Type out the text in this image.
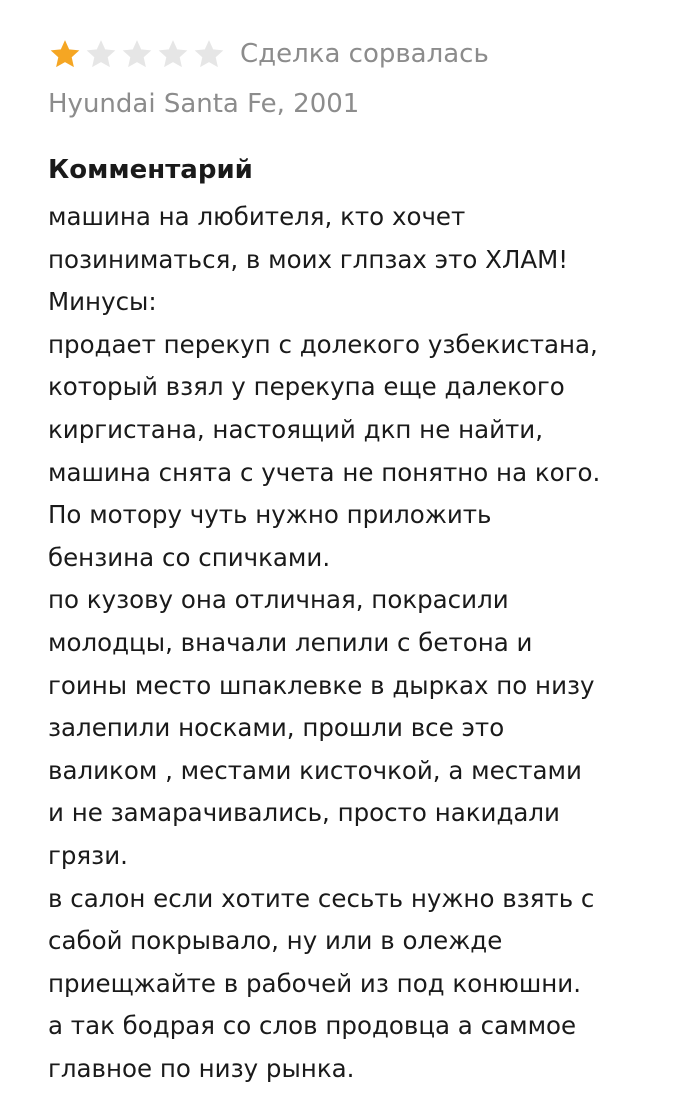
Сделка сорвалась
Hyundai Santa Fe, 2001
Комментарий
машина на любителя, кто хочет
позиниматься, в моих глпзах это ХЛАМ!
Минусы:
продает перекуп с долекого узбекистана,
который взял у перекупа еще далекого
киргистана, настоящий дкп не найти,
машина снята с учета не понятно на кого.
По мотору чуть нужно приложить
бензина со спичками.
по кузову она отличная, покрасили
молодцы, вначали лепили с бетона и
гоины место шпаклевке в дырках по низу
залепили носками, прошли все это
валиком , местами кисточкой, а местами
и не замарачивались, просто накидали
грязи.
в салон если хотите сесьть нужно взять с
сабой покрывало, ну или в олежде
приещжайте в рабочей из под конюшни.
а так бодрая со слов продовца а саммое
главное по низу рынка.
